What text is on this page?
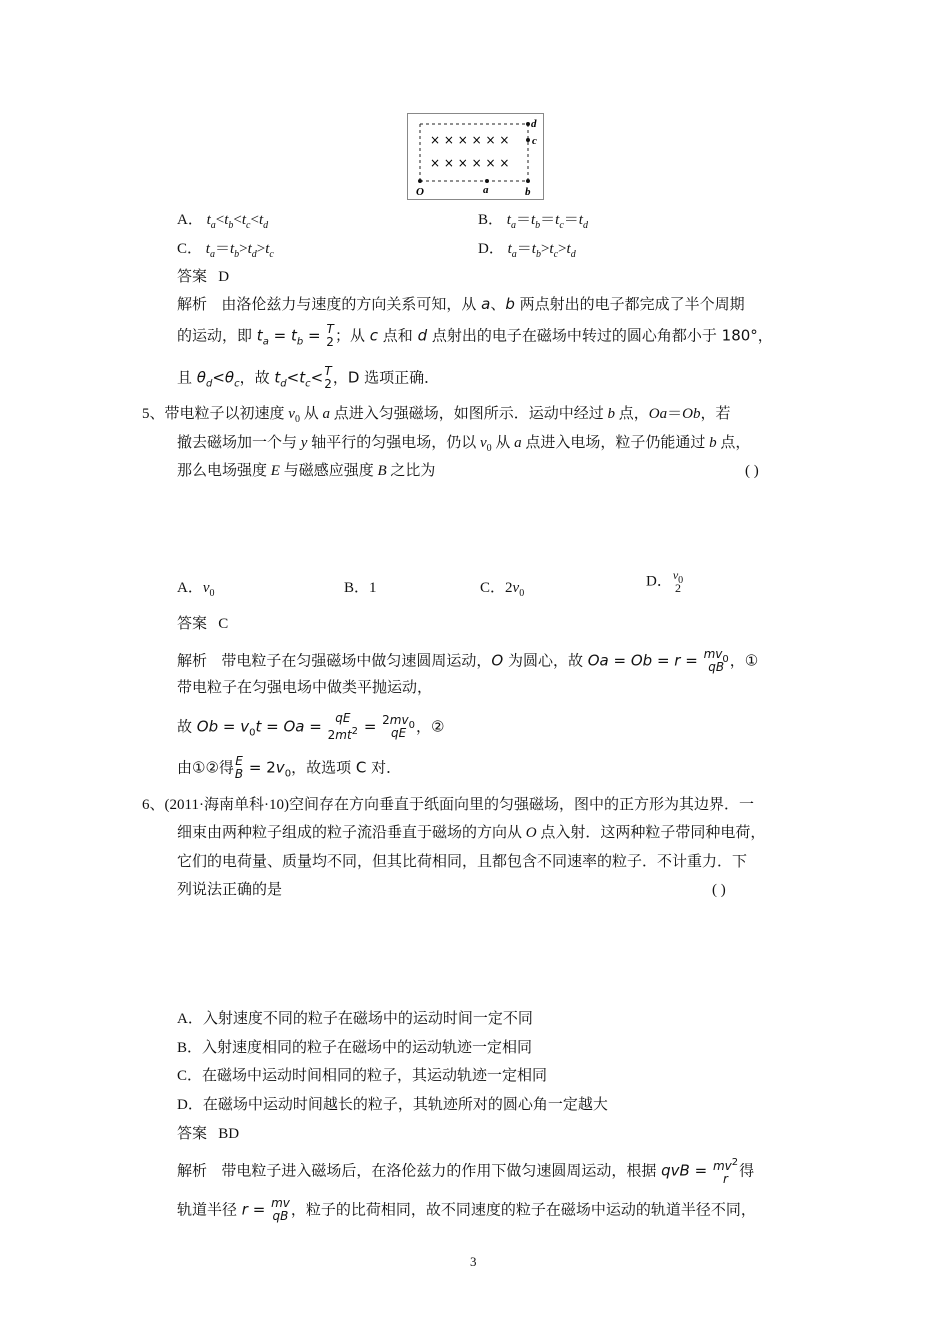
× × × × × ×
× × × × × ×
O	a	b
c
d
A． $t_a<t_b<t_c<t_d$	B． $t_a=t_b=t_c=t_d$
C． $t_a=t_b>t_d>t_c$	D． $t_a=t_b>t_c>t_d$
答案 D
解析 由洛伦兹力与速度的方向关系可知，从 a、b 两点射出的电子都完成了半个周期
的运动，即 $t_a = t_b = T$
2 ；从 c 点和 d 点射出的电子在磁场中转过的圆心角都小于 180°，
且 $\theta_d<\theta_c$，故 $t_d<t_c< T$
2 ，D 选项正确．
5、带电粒子以初速度 $v_0$ 从 a 点进入匀强磁场，如图所示．运动中经过 b 点，Oa＝Ob，若
撤去磁场加一个与 y 轴平行的匀强电场，仍以 $v_0$ 从 a 点进入电场，粒子仍能通过 b 点，
那么电场强度 E 与磁感应强度 B 之比为	( )
A．$v_0$	B．1	C．$2v_0$
D． $v_0$
2
答案 C
解析 带电粒子在匀强磁场中做匀速圆周运动，O 为圆心，故 $Oa = Ob = r = mv_0$
qB ，①
带电粒子在匀强电场中做类平抛运动，
故 $Ob = v_0t = Oa$ = qE
$2mt^2 = 2mv_0$
qE ，②
由①②得 E
$B = 2v_0$，故选项 C 对．
6、(2011·海南单科·10)空间存在方向垂直于纸面向里的匀强磁场，图中的正方形为其边界．一
细束由两种粒子组成的粒子流沿垂直于磁场的方向从 O 点入射．这两种粒子带同种电荷，
它们的电荷量、质量均不同，但其比荷相同，且都包含不同速率的粒子．不计重力．下
列说法正确的是	( )
A．入射速度不同的粒子在磁场中的运动时间一定不同
B．入射速度相同的粒子在磁场中的运动轨迹一定相同
C．在磁场中运动时间相同的粒子，其运动轨迹一定相同
D．在磁场中运动时间越长的粒子，其轨迹所对的圆心角一定越大
答案 BD
解析 带电粒子进入磁场后，在洛伦兹力的作用下做匀速圆周运动，根据 qvB = $mv^2$
r 得
轨道半径 r = mv
qB ，粒子的比荷相同，故不同速度的粒子在磁场中运动的轨道半径不同，
3
